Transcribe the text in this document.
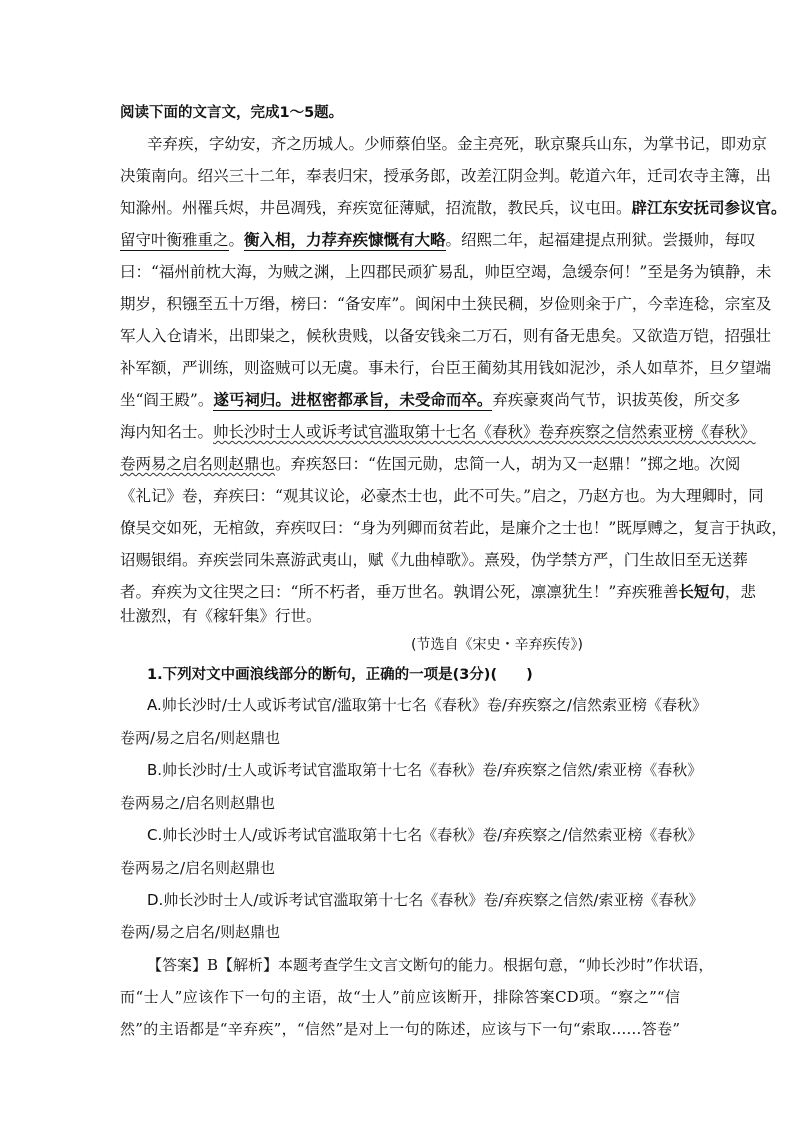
阅读下面的文言文，完成1～5题。
辛弃疾，字幼安，齐之历城人。少师蔡伯坚。金主亮死，耿京聚兵山东，为掌书记，即劝京
决策南向。绍兴三十二年，奉表归宋，授承务郎，改差江阴佥判。乾道六年，迁司农寺主簿，出
知滁州。州罹兵烬，井邑凋残，弃疾宽征薄赋，招流散，教民兵，议屯田。辟江东安抚司参议官。
留守叶衡雅重之。衡入相，力荐弃疾慷慨有大略。绍熙二年，起福建提点刑狱。尝摄帅，每叹
曰：“福州前枕大海，为贼之渊，上四郡民顽犷易乱，帅臣空竭，急缓奈何！”至是务为镇静，未
期岁，积镪至五十万缗，榜曰：“备安库”。闽闲中土狭民稠，岁俭则籴于广，今幸连稔，宗室及
军人入仓请米，出即粜之，候秋贵贱，以备安钱籴二万石，则有备无患矣。又欲造万铠，招强壮
补军额，严训练，则盗贼可以无虞。事未行，台臣王蔺劾其用钱如泥沙，杀人如草芥，旦夕望端
坐“阎王殿”。遂丐祠归。进枢密都承旨，未受命而卒。弃疾豪爽尚气节，识拔英俊，所交多
海内知名士。帅长沙时士人或诉考试官滥取第十七名《春秋》卷弃疾察之信然索亚榜《春秋》
卷两易之启名则赵鼎也。弃疾怒曰：“佐国元勋，忠简一人，胡为又一赵鼎！”掷之地。次阅
《礼记》卷，弃疾曰：“观其议论，必豪杰士也，此不可失。”启之，乃赵方也。为大理卿时，同
僚吴交如死，无棺敛，弃疾叹曰：“身为列卿而贫若此，是廉介之士也！”既厚赙之，复言于执政，
诏赐银绢。弃疾尝同朱熹游武夷山，赋《九曲棹歌》。熹殁，伪学禁方严，门生故旧至无送葬
者。弃疾为文往哭之曰：“所不朽者，垂万世名。孰谓公死，凛凛犹生！”弃疾雅善长短句，悲
壮激烈，有《稼轩集》行世。
(节选自《宋史・辛弃疾传》)
1.下列对文中画浪线部分的断句，正确的一项是(3分)(　　)
A.帅长沙时/士人或诉考试官/滥取第十七名《春秋》卷/弃疾察之/信然索亚榜《春秋》
卷两/易之启名/则赵鼎也
B.帅长沙时/士人或诉考试官滥取第十七名《春秋》卷/弃疾察之信然/索亚榜《春秋》
卷两易之/启名则赵鼎也
C.帅长沙时士人/或诉考试官滥取第十七名《春秋》卷/弃疾察之/信然索亚榜《春秋》
卷两易之/启名则赵鼎也
D.帅长沙时士人/或诉考试官滥取第十七名《春秋》卷/弃疾察之信然/索亚榜《春秋》
卷两/易之启名/则赵鼎也
【答案】B【解析】本题考查学生文言文断句的能力。根据句意，“帅长沙时”作状语，
而“士人”应该作下一句的主语，故“士人”前应该断开，排除答案CD项。“察之”“信
然”的主语都是“辛弃疾”，“信然”是对上一句的陈述，应该与下一句“索取……答卷”
